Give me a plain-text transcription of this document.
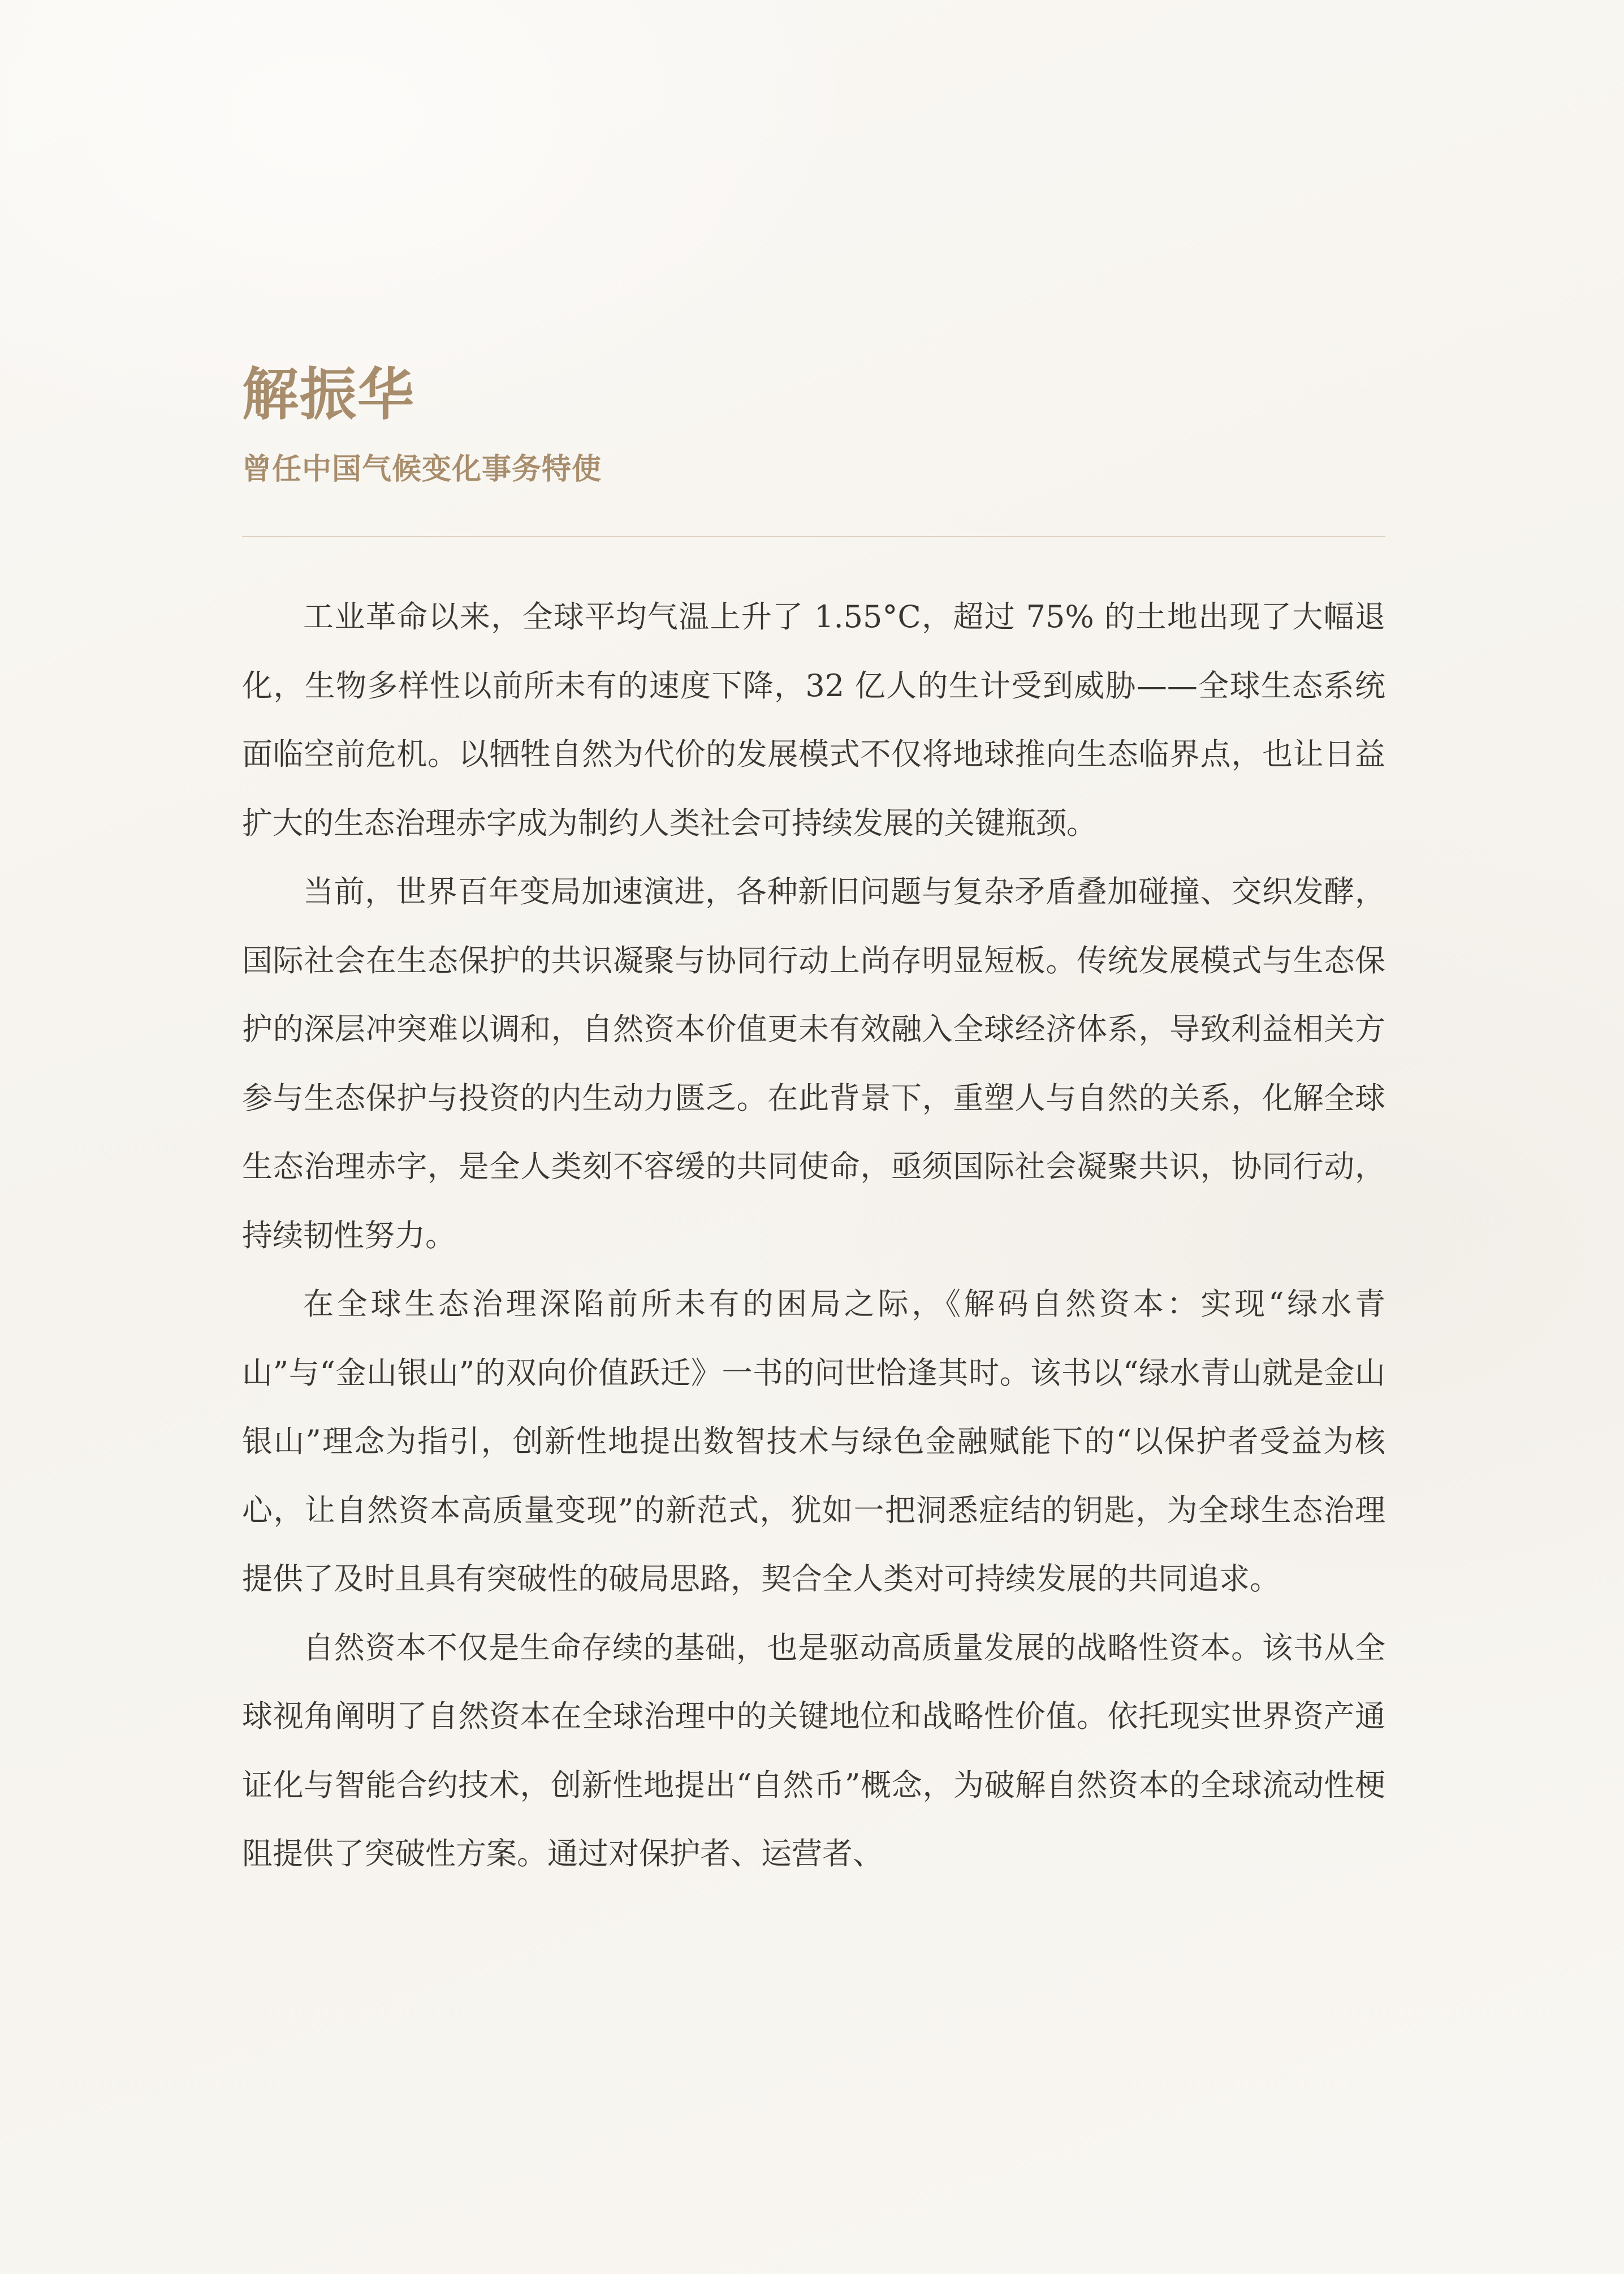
解振华
曾任中国气候变化事务特使

工业革命以来，全球平均气温上升了 1.55°C，超过 75% 的土地出现了大幅退化，生物多样性以前所未有的速度下降，32 亿人的生计受到威胁——全球生态系统面临空前危机。以牺牲自然为代价的发展模式不仅将地球推向生态临界点，也让日益扩大的生态治理赤字成为制约人类社会可持续发展的关键瓶颈。

当前，世界百年变局加速演进，各种新旧问题与复杂矛盾叠加碰撞、交织发酵，国际社会在生态保护的共识凝聚与协同行动上尚存明显短板。传统发展模式与生态保护的深层冲突难以调和，自然资本价值更未有效融入全球经济体系，导致利益相关方参与生态保护与投资的内生动力匮乏。在此背景下，重塑人与自然的关系，化解全球生态治理赤字，是全人类刻不容缓的共同使命，亟须国际社会凝聚共识，协同行动，持续韧性努力。

在全球生态治理深陷前所未有的困局之际，《解码自然资本：实现“绿水青山”与“金山银山”的双向价值跃迁》一书的问世恰逢其时。该书以“绿水青山就是金山银山”理念为指引，创新性地提出数智技术与绿色金融赋能下的“以保护者受益为核心，让自然资本高质量变现”的新范式，犹如一把洞悉症结的钥匙，为全球生态治理提供了及时且具有突破性的破局思路，契合全人类对可持续发展的共同追求。

自然资本不仅是生命存续的基础，也是驱动高质量发展的战略性资本。该书从全球视角阐明了自然资本在全球治理中的关键地位和战略性价值。依托现实世界资产通证化与智能合约技术，创新性地提出“自然币”概念，为破解自然资本的全球流动性梗阻提供了突破性方案。通过对保护者、运营者、
